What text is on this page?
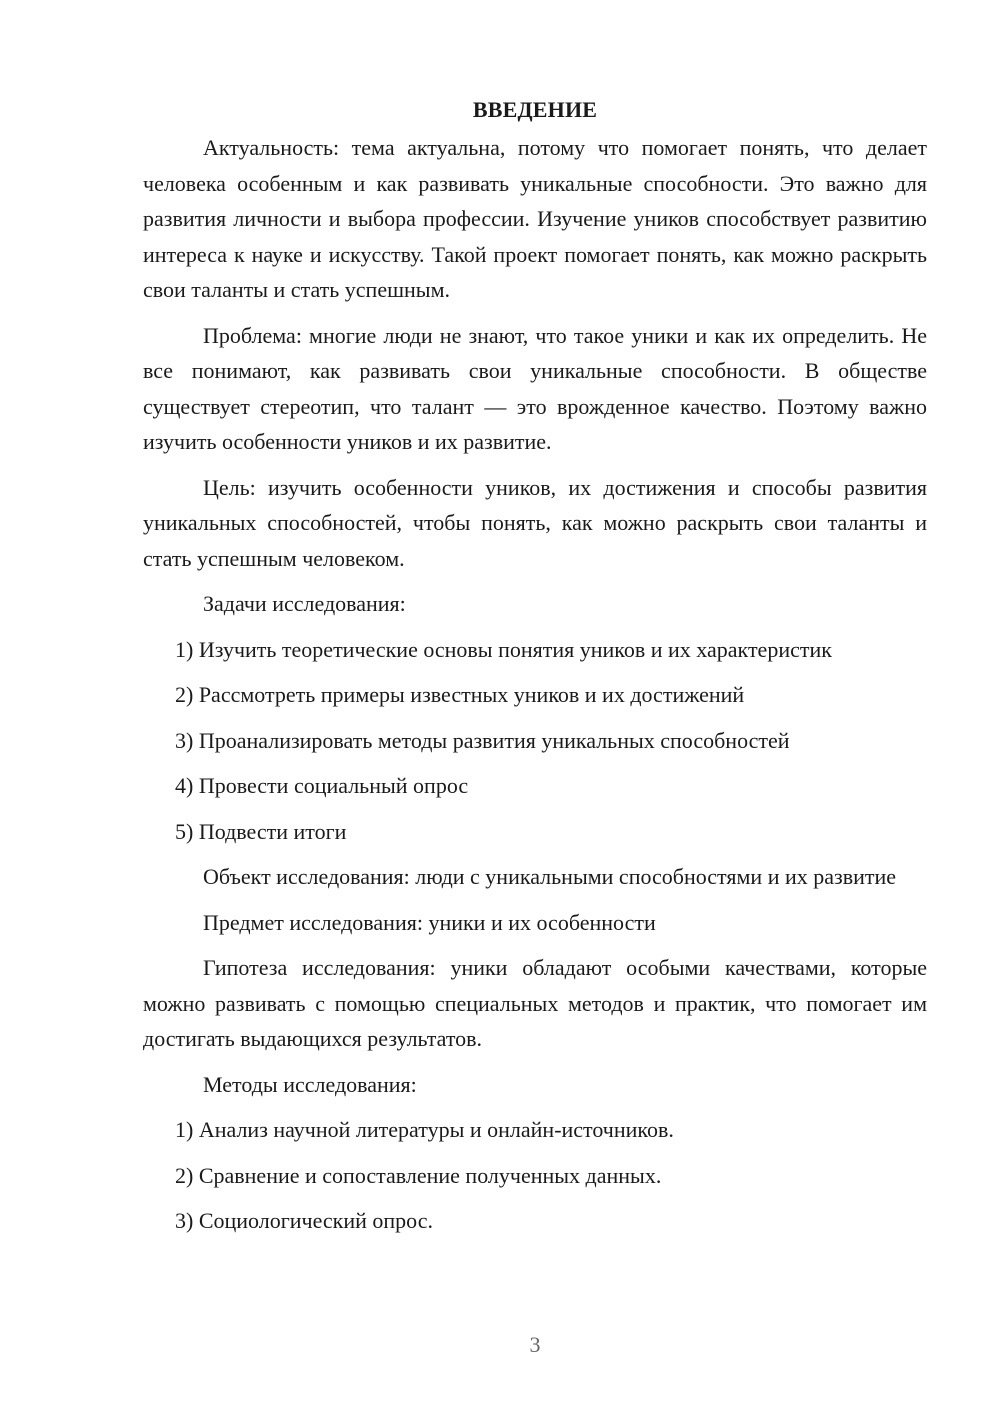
ВВЕДЕНИЕ

Актуальность: тема актуальна, потому что помогает понять, что делает человека особенным и как развивать уникальные способности. Это важно для развития личности и выбора профессии. Изучение уников способствует развитию интереса к науке и искусству. Такой проект помогает понять, как можно раскрыть свои таланты и стать успешным.

Проблема: многие люди не знают, что такое уники и как их определить. Не все понимают, как развивать свои уникальные способности. В обществе существует стереотип, что талант — это врожденное качество. Поэтому важно изучить особенности уников и их развитие.

Цель: изучить особенности уников, их достижения и способы развития уникальных способностей, чтобы понять, как можно раскрыть свои таланты и стать успешным человеком.

Задачи исследования:
1) Изучить теоретические основы понятия уников и их характеристик
2) Рассмотреть примеры известных уников и их достижений
3) Проанализировать методы развития уникальных способностей
4) Провести социальный опрос
5) Подвести итоги

Объект исследования: люди с уникальными способностями и их развитие

Предмет исследования: уники и их особенности

Гипотеза исследования: уники обладают особыми качествами, которые можно развивать с помощью специальных методов и практик, что помогает им достигать выдающихся результатов.

Методы исследования:
1) Анализ научной литературы и онлайн-источников.
2) Сравнение и сопоставление полученных данных.
3) Социологический опрос.
3
